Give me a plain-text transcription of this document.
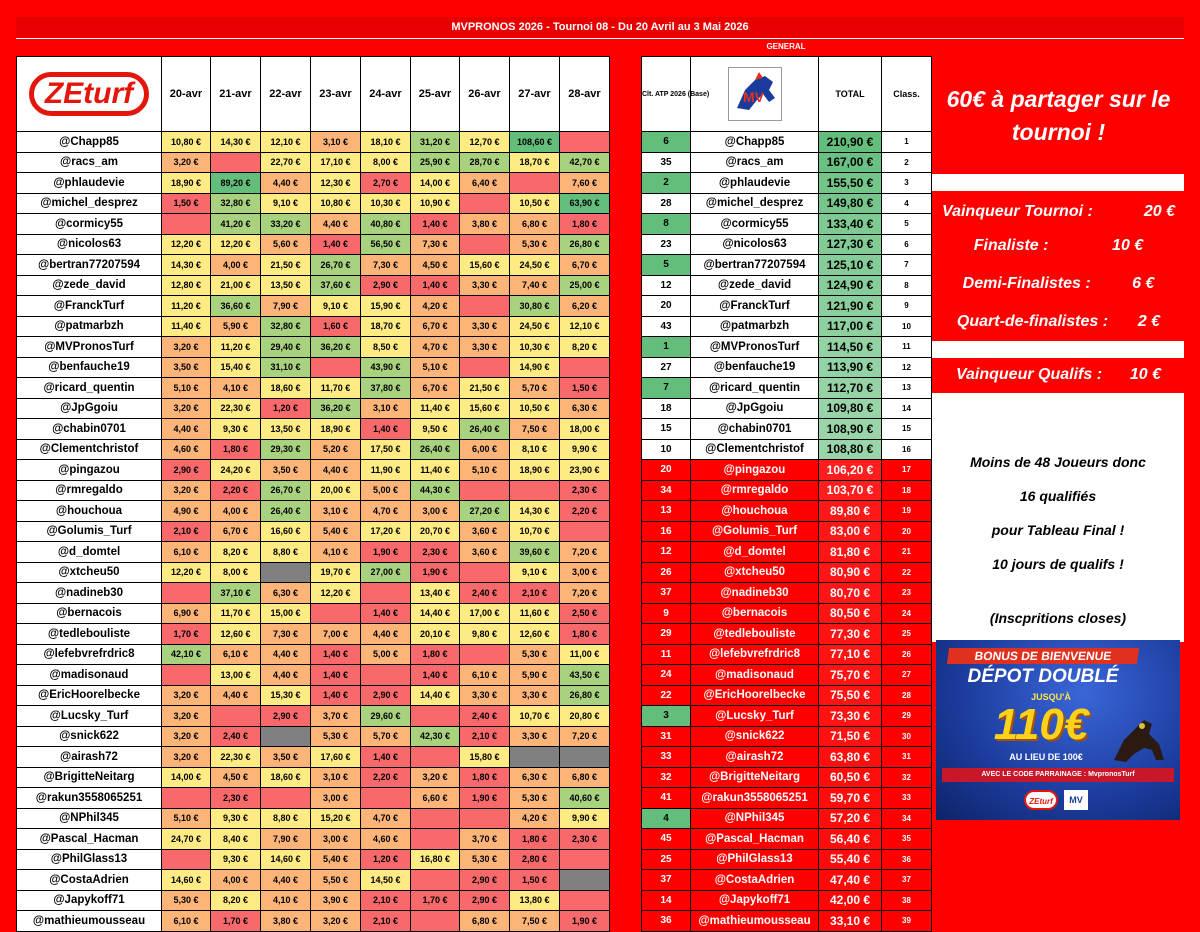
MVPRONOS 2026 - Tournoi 08 - Du 20 Avril au 3 Mai 2026
GENERAL
ZEturf	20-avr	21-avr	22-avr	23-avr	24-avr	25-avr	26-avr	27-avr	28-avr
@Chapp85	10,80 €	14,30 €	12,10 €	3,10 €	18,10 €	31,20 €	12,70 €	108,60 €	
@racs_am	3,20 €		22,70 €	17,10 €	8,00 €	25,90 €	28,70 €	18,70 €	42,70 €
@phlaudevie	18,90 €	89,20 €	4,40 €	12,30 €	2,70 €	14,00 €	6,40 €		7,60 €
@michel_desprez	1,50 €	32,80 €	9,10 €	10,80 €	10,30 €	10,90 €		10,50 €	63,90 €
@cormicy55		41,20 €	33,20 €	4,40 €	40,80 €	1,40 €	3,80 €	6,80 €	1,80 €
@nicolos63	12,20 €	12,20 €	5,60 €	1,40 €	56,50 €	7,30 €		5,30 €	26,80 €
@bertran77207594	14,30 €	4,00 €	21,50 €	26,70 €	7,30 €	4,50 €	15,60 €	24,50 €	6,70 €
@zede_david	12,80 €	21,00 €	13,50 €	37,60 €	2,90 €	1,40 €	3,30 €	7,40 €	25,00 €
@FranckTurf	11,20 €	36,60 €	7,90 €	9,10 €	15,90 €	4,20 €		30,80 €	6,20 €
@patmarbzh	11,40 €	5,90 €	32,80 €	1,60 €	18,70 €	6,70 €	3,30 €	24,50 €	12,10 €
@MVPronosTurf	3,20 €	11,20 €	29,40 €	36,20 €	8,50 €	4,70 €	3,30 €	10,30 €	8,20 €
@benfauche19	3,50 €	15,40 €	31,10 €		43,90 €	5,10 €		14,90 €	
@ricard_quentin	5,10 €	4,10 €	18,60 €	11,70 €	37,80 €	6,70 €	21,50 €	5,70 €	1,50 €
@JpGgoiu	3,20 €	22,30 €	1,20 €	36,20 €	3,10 €	11,40 €	15,60 €	10,50 €	6,30 €
@chabin0701	4,40 €	9,30 €	13,50 €	18,90 €	1,40 €	9,50 €	26,40 €	7,50 €	18,00 €
@Clementchristof	4,60 €	1,80 €	29,30 €	5,20 €	17,50 €	26,40 €	6,00 €	8,10 €	9,90 €
@pingazou	2,90 €	24,20 €	3,50 €	4,40 €	11,90 €	11,40 €	5,10 €	18,90 €	23,90 €
@rmregaldo	3,20 €	2,20 €	26,70 €	20,00 €	5,00 €	44,30 €			2,30 €
@houchoua	4,90 €	4,00 €	26,40 €	3,10 €	4,70 €	3,00 €	27,20 €	14,30 €	2,20 €
@Golumis_Turf	2,10 €	6,70 €	16,60 €	5,40 €	17,20 €	20,70 €	3,60 €	10,70 €	
@d_domtel	6,10 €	8,20 €	8,80 €	4,10 €	1,90 €	2,30 €	3,60 €	39,60 €	7,20 €
@xtcheu50	12,20 €	8,00 €		19,70 €	27,00 €	1,90 €		9,10 €	3,00 €
@nadineb30		37,10 €	6,30 €	12,20 €		13,40 €	2,40 €	2,10 €	7,20 €
@bernacois	6,90 €	11,70 €	15,00 €		1,40 €	14,40 €	17,00 €	11,60 €	2,50 €
@tedlebouliste	1,70 €	12,60 €	7,30 €	7,00 €	4,40 €	20,10 €	9,80 €	12,60 €	1,80 €
@lefebvrefrdric8	42,10 €	6,10 €	4,40 €	1,40 €	5,00 €	1,80 €		5,30 €	11,00 €
@madisonaud		13,00 €	4,40 €	1,40 €		1,40 €	6,10 €	5,90 €	43,50 €
@EricHoorelbecke	3,20 €	4,40 €	15,30 €	1,40 €	2,90 €	14,40 €	3,30 €	3,30 €	26,80 €
@Lucsky_Turf	3,20 €		2,90 €	3,70 €	29,60 €		2,40 €	10,70 €	20,80 €
@snick622	3,20 €	2,40 €		5,30 €	5,70 €	42,30 €	2,10 €	3,30 €	7,20 €
@airash72	3,20 €	22,30 €	3,50 €	17,60 €	1,40 €		15,80 €		
@BrigitteNeitarg	14,00 €	4,50 €	18,60 €	3,10 €	2,20 €	3,20 €	1,80 €	6,30 €	6,80 €
@rakun3558065251		2,30 €		3,00 €		6,60 €	1,90 €	5,30 €	40,60 €
@NPhil345	5,10 €	9,30 €	8,80 €	15,20 €	4,70 €			4,20 €	9,90 €
@Pascal_Hacman	24,70 €	8,40 €	7,90 €	3,00 €	4,60 €		3,70 €	1,80 €	2,30 €
@PhilGlass13		9,30 €	14,60 €	5,40 €	1,20 €	16,80 €	5,30 €	2,80 €	
@CostaAdrien	14,60 €	4,00 €	4,40 €	5,50 €	14,50 €		2,90 €	1,50 €	
@Japykoff71	5,30 €	8,20 €	4,10 €	3,90 €	2,10 €	1,70 €	2,90 €	13,80 €	
@mathieumousseau	6,10 €	1,70 €	3,80 €	3,20 €	2,10 €		6,80 €	7,50 €	1,90 €
Clt. ATP 2026 (Base)	MV	TOTAL	Class.
6	@Chapp85	210,90 €	1
35	@racs_am	167,00 €	2
2	@phlaudevie	155,50 €	3
28	@michel_desprez	149,80 €	4
8	@cormicy55	133,40 €	5
23	@nicolos63	127,30 €	6
5	@bertran77207594	125,10 €	7
12	@zede_david	124,90 €	8
20	@FranckTurf	121,90 €	9
43	@patmarbzh	117,00 €	10
1	@MVPronosTurf	114,50 €	11
27	@benfauche19	113,90 €	12
7	@ricard_quentin	112,70 €	13
18	@JpGgoiu	109,80 €	14
15	@chabin0701	108,90 €	15
10	@Clementchristof	108,80 €	16
20	@pingazou	106,20 €	17
34	@rmregaldo	103,70 €	18
13	@houchoua	89,80 €	19
16	@Golumis_Turf	83,00 €	20
12	@d_domtel	81,80 €	21
26	@xtcheu50	80,90 €	22
37	@nadineb30	80,70 €	23
9	@bernacois	80,50 €	24
29	@tedlebouliste	77,30 €	25
11	@lefebvrefrdric8	77,10 €	26
24	@madisonaud	75,70 €	27
22	@EricHoorelbecke	75,50 €	28
3	@Lucsky_Turf	73,30 €	29
31	@snick622	71,50 €	30
33	@airash72	63,80 €	31
32	@BrigitteNeitarg	60,50 €	32
41	@rakun3558065251	59,70 €	33
4	@NPhil345	57,20 €	34
45	@Pascal_Hacman	56,40 €	35
25	@PhilGlass13	55,40 €	36
37	@CostaAdrien	47,40 €	37
14	@Japykoff71	42,00 €	38
36	@mathieumousseau	33,10 €	39
60€ à partager sur le tournoi !
Vainqueur Tournoi :	20 €
Finaliste :	10 €
Demi-Finalistes :	6 €
Quart-de-finalistes : 2 €
Vainqueur Qualifs : 10 €
Moins de 48 Joueurs donc
16 qualifiés
pour Tableau Final !
10 jours de qualifs !
(Inscpritions closes)
BONUS DE BIENVENUE
DÉPOT DOUBLÉ
JUSQU'À
110€
AU LIEU DE 100€
AVEC LE CODE PARRAINAGE : MvpronosTurf
ZEturf	MV
